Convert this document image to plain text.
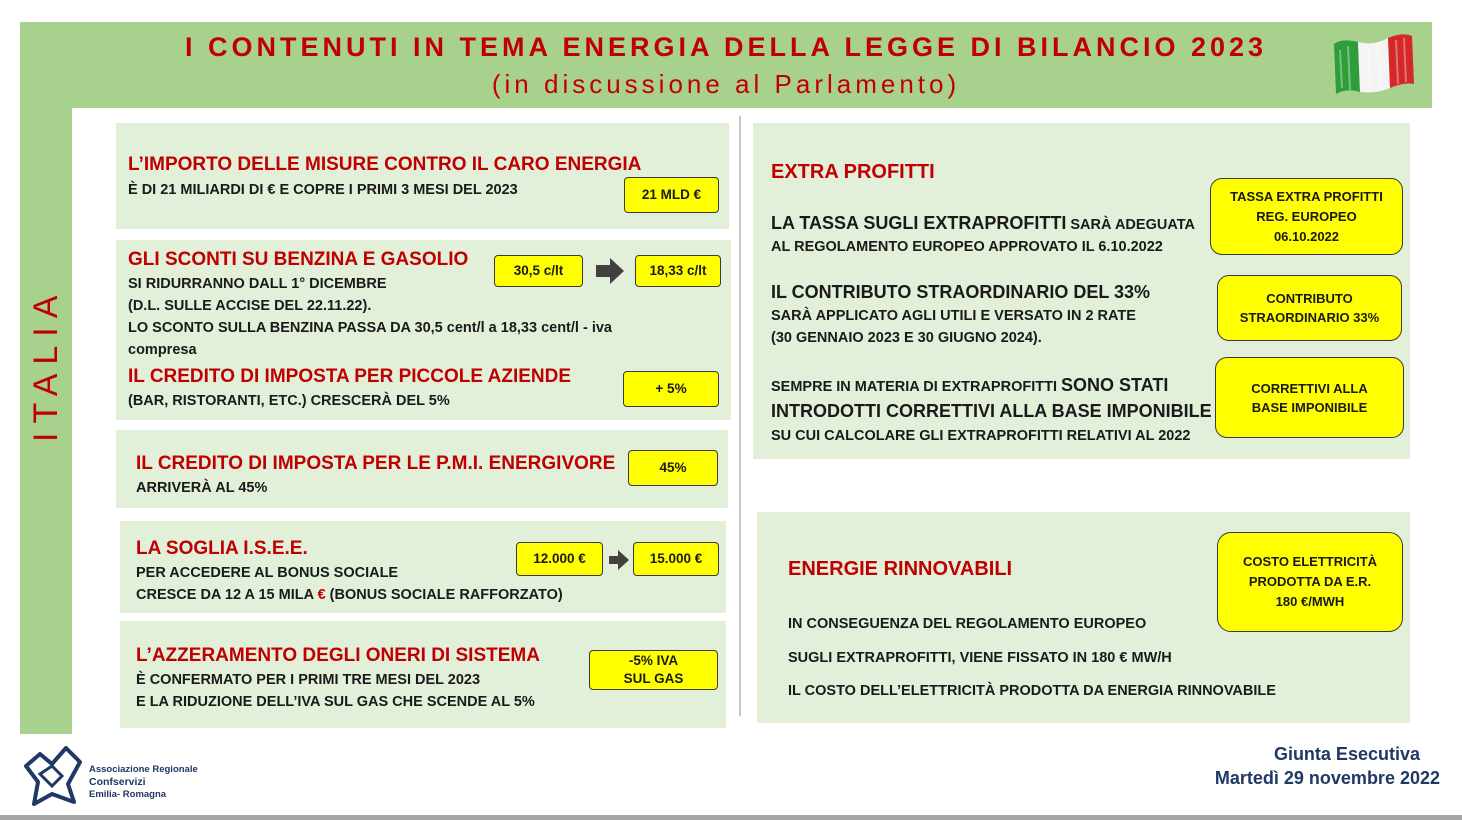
I CONTENUTI IN TEMA ENERGIA DELLA LEGGE DI BILANCIO 2023
(in discussione al Parlamento)
ITALIA
L’IMPORTO DELLE MISURE CONTRO IL CARO ENERGIA
È DI 21 MILIARDI DI € E COPRE I PRIMI 3 MESI DEL 2023	21 MLD €
GLI SCONTI SU BENZINA E GASOLIO
SI RIDURRANNO DALL 1° DICEMBRE
(D.L. SULLE ACCISE DEL 22.11.22).
LO SCONTO SULLA BENZINA PASSA DA 30,5 cent/l a 18,33 cent/l - iva
compresa
30,5 c/lt	18,33 c/lt
IL CREDITO DI IMPOSTA PER PICCOLE AZIENDE
(BAR, RISTORANTI, ETC.) CRESCERÀ DEL 5%
+ 5%
IL CREDITO DI IMPOSTA PER LE P.M.I. ENERGIVORE
ARRIVERÀ AL 45%
45%
LA SOGLIA I.S.E.E.
PER ACCEDERE AL BONUS SOCIALE
CRESCE DA 12 A 15 MILA € (BONUS SOCIALE RAFFORZATO)
12.000 €	15.000 €
L’AZZERAMENTO DEGLI ONERI DI SISTEMA
È CONFERMATO PER I PRIMI TRE MESI DEL 2023
E LA RIDUZIONE DELL’IVA SUL GAS CHE SCENDE AL 5%
-5% IVA
SUL GAS
EXTRA PROFITTI
LA TASSA SUGLI EXTRAPROFITTI SARÀ ADEGUATA
AL REGOLAMENTO EUROPEO APPROVATO IL 6.10.2022
TASSA EXTRA PROFITTI
REG. EUROPEO
06.10.2022
IL CONTRIBUTO STRAORDINARIO DEL 33%
SARÀ APPLICATO AGLI UTILI E VERSATO IN 2 RATE
(30 GENNAIO 2023 E 30 GIUGNO 2024).
CONTRIBUTO
STRAORDINARIO 33%
SEMPRE IN MATERIA DI EXTRAPROFITTI SONO STATI
INTRODOTTI CORRETTIVI ALLA BASE IMPONIBILE
SU CUI CALCOLARE GLI EXTRAPROFITTI RELATIVI AL 2022
CORRETTIVI ALLA
BASE IMPONIBILE
ENERGIE RINNOVABILI
IN CONSEGUENZA DEL REGOLAMENTO EUROPEO
SUGLI EXTRAPROFITTI, VIENE FISSATO IN 180 € MW/H
IL COSTO DELL’ELETTRICITÀ PRODOTTA DA ENERGIA RINNOVABILE
COSTO ELETTRICITÀ
PRODOTTA DA E.R.
180 €/MWH
Associazione Regionale
Confservizi
Emilia- Romagna
Giunta Esecutiva
Martedì 29 novembre 2022
